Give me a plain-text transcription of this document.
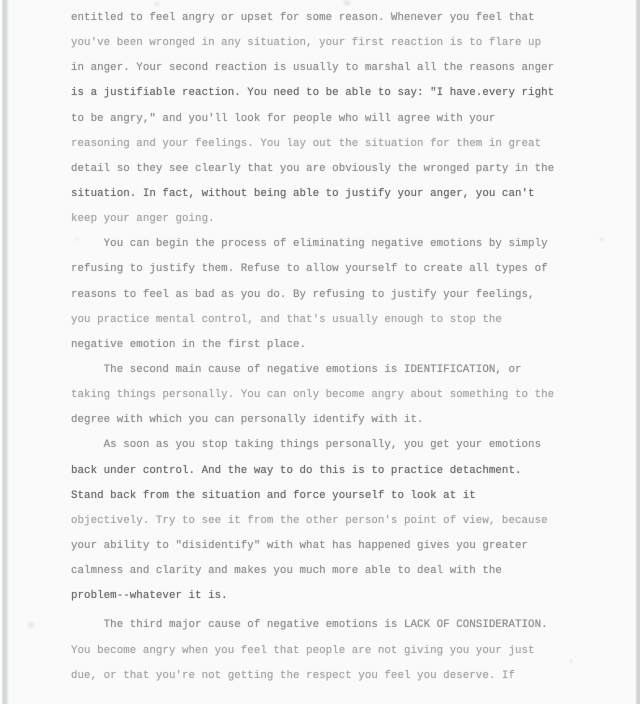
entitled to feel angry or upset for some reason. Whenever you feel that
you've been wronged in any situation, your first reaction is to flare up
in anger. Your second reaction is usually to marshal all the reasons anger
is a justifiable reaction. You need to be able to say: "I have.every right
to be angry," and you'll look for people who will agree with your
reasoning and your feelings. You lay out the situation for them in great
detail so they see clearly that you are obviously the wronged party in the
situation. In fact, without being able to justify your anger, you can't
keep your anger going.
You can begin the process of eliminating negative emotions by simply
refusing to justify them. Refuse to allow yourself to create all types of
reasons to feel as bad as you do. By refusing to justify your feelings,
you practice mental control, and that's usually enough to stop the
negative emotion in the first place.
The second main cause of negative emotions is IDENTIFICATION, or
taking things personally. You can only become angry about something to the
degree with which you can personally identify with it.
As soon as you stop taking things personally, you get your emotions
back under control. And the way to do this is to practice detachment.
Stand back from the situation and force yourself to look at it
objectively. Try to see it from the other person's point of view, because
your ability to "disidentify" with what has happened gives you greater
calmness and clarity and makes you much more able to deal with the
problem--whatever it is.
The third major cause of negative emotions is LACK OF CONSIDERATION.
You become angry when you feel that people are not giving you your just
due, or that you're not getting the respect you feel you deserve. If
